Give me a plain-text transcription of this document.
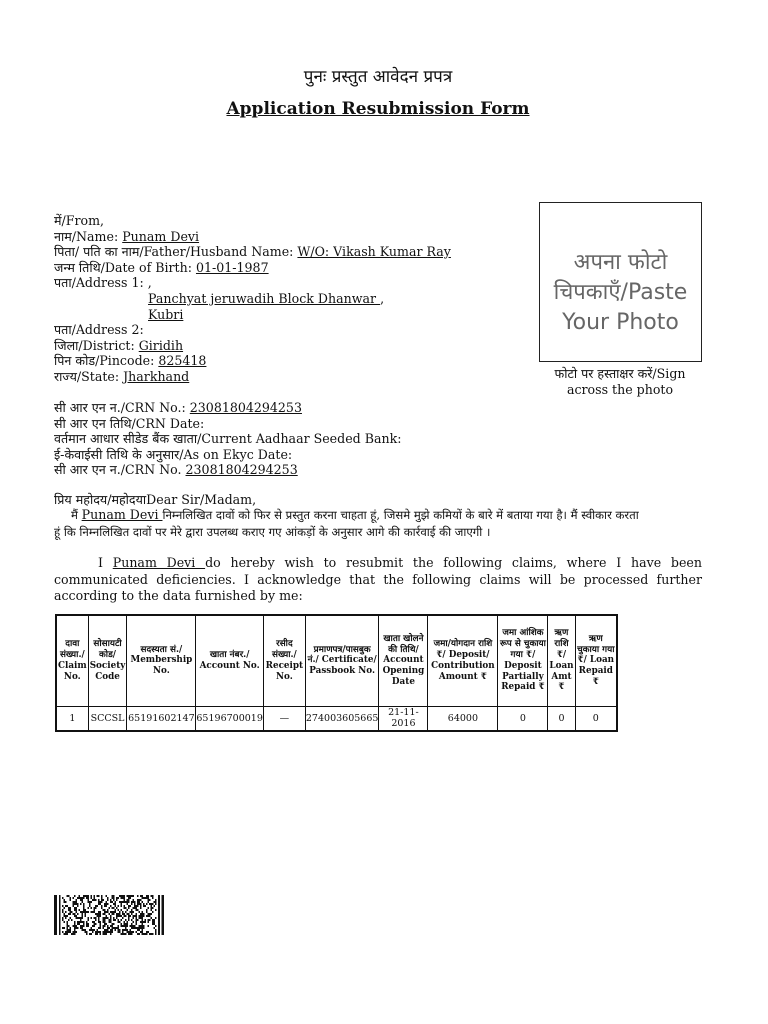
पुनः प्रस्तुत आवेदन प्रपत्र
Application Resubmission Form
में/From,
नाम/Name: Punam Devi
पिता/ पति का नाम/Father/Husband Name: W/O: Vikash Kumar Ray
जन्म तिथि/Date of Birth: 01-01-1987
पता/Address 1: ,
Panchyat jeruwadih Block Dhanwar ,
Kubri
पता/Address 2:
जिला/District: Giridih
पिन कोड/Pincode: 825418
राज्य/State: Jharkhand
अपना फोटो चिपकाएँ/Paste Your Photo
फोटो पर हस्ताक्षर करें/Sign across the photo
सी आर एन न./CRN No.: 23081804294253
सी आर एन तिथि/CRN Date:
वर्तमान आधार सीडेड बैंक खाता/Current Aadhaar Seeded Bank:
ई-केवाईसी तिथि के अनुसार/As on Ekyc Date:
सी आर एन न./CRN No. 23081804294253
प्रिय महोदय/महोदयाDear Sir/Madam,
मैं Punam Devi निम्नलिखित दावों को फिर से प्रस्तुत करना चाहता हूं, जिसमे मुझे कमियों के बारे में बताया गया है। मैं स्वीकार करता
हूं कि निम्नलिखित दावों पर मेरे द्वारा उपलब्ध कराए गए आंकड़ों के अनुसार आगे की कार्रवाई की जाएगी ।
I Punam Devi do hereby wish to resubmit the following claims, where I have been communicated deficiencies. I acknowledge that the following claims will be processed further according to the data furnished by me:
दावा संख्या./ Claim No.	सोसायटी कोड/ Society Code	सदस्यता सं./ Membership No.	खाता नंबर./ Account No.	रसीद संख्या./ Receipt No.	प्रमाणपत्र/पासबुक नं./ Certificate/ Passbook No.	खाता खोलने की तिथि/ Account Opening Date	जमा/योगदान राशि ₹/ Deposit/ Contribution Amount ₹	जमा आंशिक रूप से चुकाया गया ₹/ Deposit Partially Repaid ₹	ऋण राशि ₹/ Loan Amt ₹	ऋण चुकाया गया ₹/ Loan Repaid ₹
1	SCCSL	65191602147	65196700019	—	274003605665	21-11-2016	64000	0	0	0
